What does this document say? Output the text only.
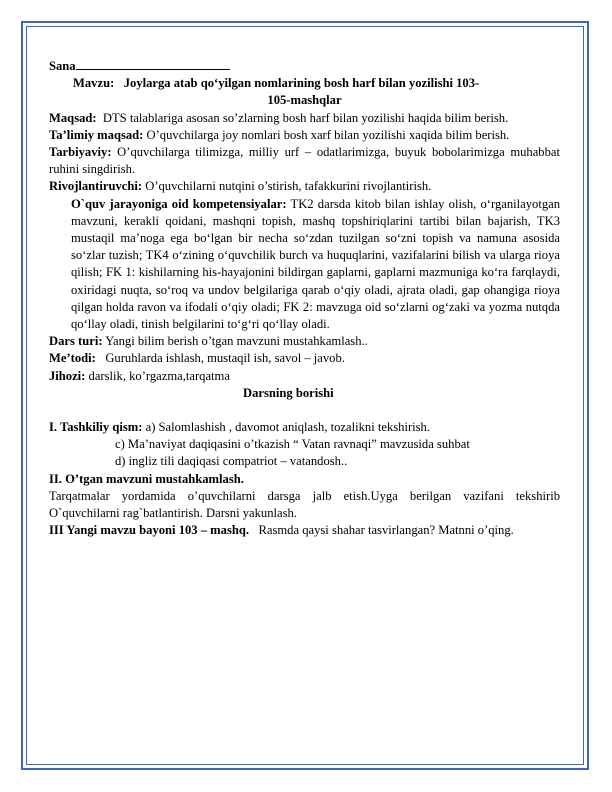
Sana

Mavzu: Joylarga atab qo‘yilgan nomlarining bosh harf bilan yozilishi 103-

105-mashqlar

Maqsad: DTS talablariga asosan so’zlarning bosh harf bilan yozilishi haqida bilim berish.

Ta’limiy maqsad: O’quvchilarga joy nomlari bosh xarf bilan yozilishi xaqida bilim berish.

Tarbiyaviy: O’quvchilarga tilimizga, milliy urf – odatlarimizga, buyuk bobolarimizga muhabbat ruhini singdirish.

Rivojlantiruvchi: O’quvchilarni nutqini o’stirish, tafakkurini rivojlantirish.

O`quv jarayoniga oid kompetensiyalar: TK2 darsda kitob bilan ishlay olish, o‘rganilayotgan mavzuni, kerakli qoidani, mashqni topish, mashq topshiriqlarini tartibi bilan bajarish, TK3 mustaqil ma’noga ega bo‘lgan bir necha so‘zdan tuzilgan so‘zni topish va namuna asosida so‘zlar tuzish; TK4 o‘zining o‘quvchilik burch va huquqlarini, vazifalarini bilish va ularga rioya qilish; FK 1: kishilarning his-hayajonini bildirgan gaplarni, gaplarni mazmuniga ko‘ra farqlaydi, oxiridagi nuqta, so‘roq va undov belgilariga qarab o‘qiy oladi, ajrata oladi, gap ohangiga rioya qilgan holda ravon va ifodali o‘qiy oladi; FK 2: mavzuga oid so‘zlarni og‘zaki va yozma nutqda qo‘llay oladi, tinish belgilarini to‘g‘ri qo‘llay oladi.

Dars turi: Yangi bilim berish o’tgan mavzuni mustahkamlash..

Me’todi: Guruhlarda ishlash, mustaqil ish, savol – javob.

Jihozi: darslik, ko’rgazma,tarqatma

Darsning borishi

I. Tashkiliy qism: a) Salomlashish , davomot aniqlash, tozalikni tekshirish.

c) Ma’naviyat daqiqasini o’tkazish “ Vatan ravnaqi” mavzusida suhbat

d) ingliz tili daqiqasi compatriot – vatandosh..

II. O’tgan mavzuni mustahkamlash.

Tarqatmalar yordamida o’quvchilarni darsga jalb etish.Uyga berilgan vazifani tekshirib O`quvchilarni rag`batlantirish. Darsni yakunlash.

III Yangi mavzu bayoni 103 – mashq. Rasmda qaysi shahar tasvirlangan? Matnni o’qing.
